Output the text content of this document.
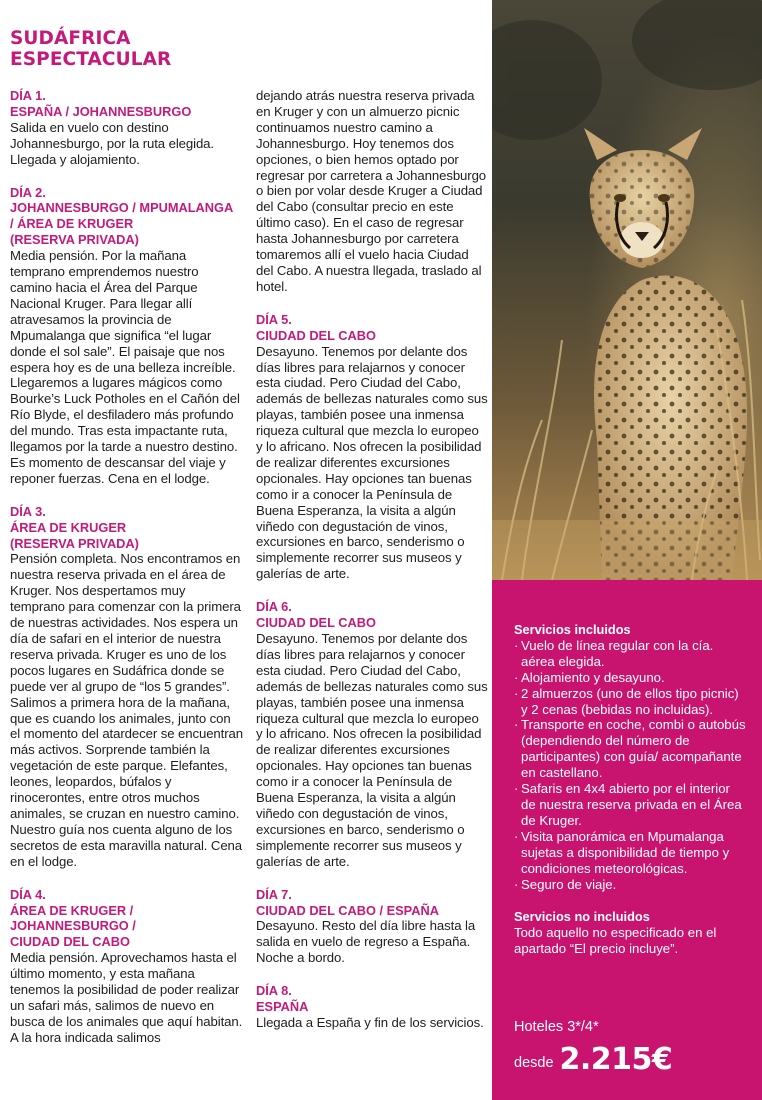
SUDÁFRICA
ESPECTACULAR
DÍA 1.
ESPAÑA / JOHANNESBURGO

Salida en vuelo con destino Johannesburgo, por la ruta elegida. Llegada y alojamiento.

DÍA 2.
JOHANNESBURGO / MPUMALANGA
/ ÁREA DE KRUGER
(RESERVA PRIVADA)

Media pensión. Por la mañana temprano emprendemos nuestro camino hacia el Área del Parque Nacional Kruger. Para llegar allí atravesamos la provincia de Mpumalanga que significa “el lugar donde el sol sale”. El paisaje que nos espera hoy es de una belleza increíble. Llegaremos a lugares mágicos como Bourke’s Luck Potholes en el Cañón del Río Blyde, el desfiladero más profundo del mundo. Tras esta impactante ruta, llegamos por la tarde a nuestro destino. Es momento de descansar del viaje y reponer fuerzas. Cena en el lodge.

DÍA 3.
ÁREA DE KRUGER
(RESERVA PRIVADA)

Pensión completa. Nos encontramos en nuestra reserva privada en el área de Kruger. Nos despertamos muy temprano para comenzar con la primera de nuestras actividades. Nos espera un día de safari en el interior de nuestra reserva privada. Kruger es uno de los pocos lugares en Sudáfrica donde se puede ver al grupo de “los 5 grandes”. Salimos a primera hora de la mañana, que es cuando los animales, junto con el momento del atardecer se encuentran más activos. Sorprende también la vegetación de este parque. Elefantes, leones, leopardos, búfalos y rinocerontes, entre otros muchos animales, se cruzan en nuestro camino. Nuestro guía nos cuenta alguno de los secretos de esta maravilla natural. Cena en el lodge.

DÍA 4.
ÁREA DE KRUGER /
JOHANNESBURGO /
CIUDAD DEL CABO

Media pensión. Aprovechamos hasta el último momento, y esta mañana tenemos la posibilidad de poder realizar un safari más, salimos de nuevo en busca de los animales que aquí habitan. A la hora indicada salimos

dejando atrás nuestra reserva privada en Kruger y con un almuerzo picnic continuamos nuestro camino a Johannesburgo. Hoy tenemos dos opciones, o bien hemos optado por regresar por carretera a Johannesburgo o bien por volar desde Kruger a Ciudad del Cabo (consultar precio en este último caso). En el caso de regresar hasta Johannesburgo por carretera tomaremos allí el vuelo hacia Ciudad del Cabo. A nuestra llegada, traslado al hotel.

DÍA 5.
CIUDAD DEL CABO

Desayuno. Tenemos por delante dos días libres para relajarnos y conocer esta ciudad. Pero Ciudad del Cabo, además de bellezas naturales como sus playas, también posee una inmensa riqueza cultural que mezcla lo europeo y lo africano. Nos ofrecen la posibilidad de realizar diferentes excursiones opcionales. Hay opciones tan buenas como ir a conocer la Península de Buena Esperanza, la visita a algún viñedo con degustación de vinos, excursiones en barco, senderismo o simplemente recorrer sus museos y galerías de arte.

DÍA 6.
CIUDAD DEL CABO

Desayuno. Tenemos por delante dos días libres para relajarnos y conocer esta ciudad. Pero Ciudad del Cabo, además de bellezas naturales como sus playas, también posee una inmensa riqueza cultural que mezcla lo europeo y lo africano. Nos ofrecen la posibilidad de realizar diferentes excursiones opcionales. Hay opciones tan buenas como ir a conocer la Península de Buena Esperanza, la visita a algún viñedo con degustación de vinos, excursiones en barco, senderismo o simplemente recorrer sus museos y galerías de arte.

DÍA 7.
CIUDAD DEL CABO / ESPAÑA

Desayuno. Resto del día libre hasta la salida en vuelo de regreso a España. Noche a bordo.

DÍA 8.
ESPAÑA

Llegada a España y fin de los servicios.

Servicios incluidos
· Vuelo de línea regular con la cía. aérea elegida.
· Alojamiento y desayuno.
· 2 almuerzos (uno de ellos tipo picnic) y 2 cenas (bebidas no incluidas).
· Transporte en coche, combi o autobús (dependiendo del número de participantes) con guía/ acompañante en castellano.
· Safaris en 4x4 abierto por el interior de nuestra reserva privada en el Área de Kruger.
· Visita panorámica en Mpumalanga sujetas a disponibilidad de tiempo y condiciones meteorológicas.
· Seguro de viaje.
Servicios no incluidos

Todo aquello no especificado en el apartado “El precio incluye”.

Hoteles 3*/4*
desde 2.215€
